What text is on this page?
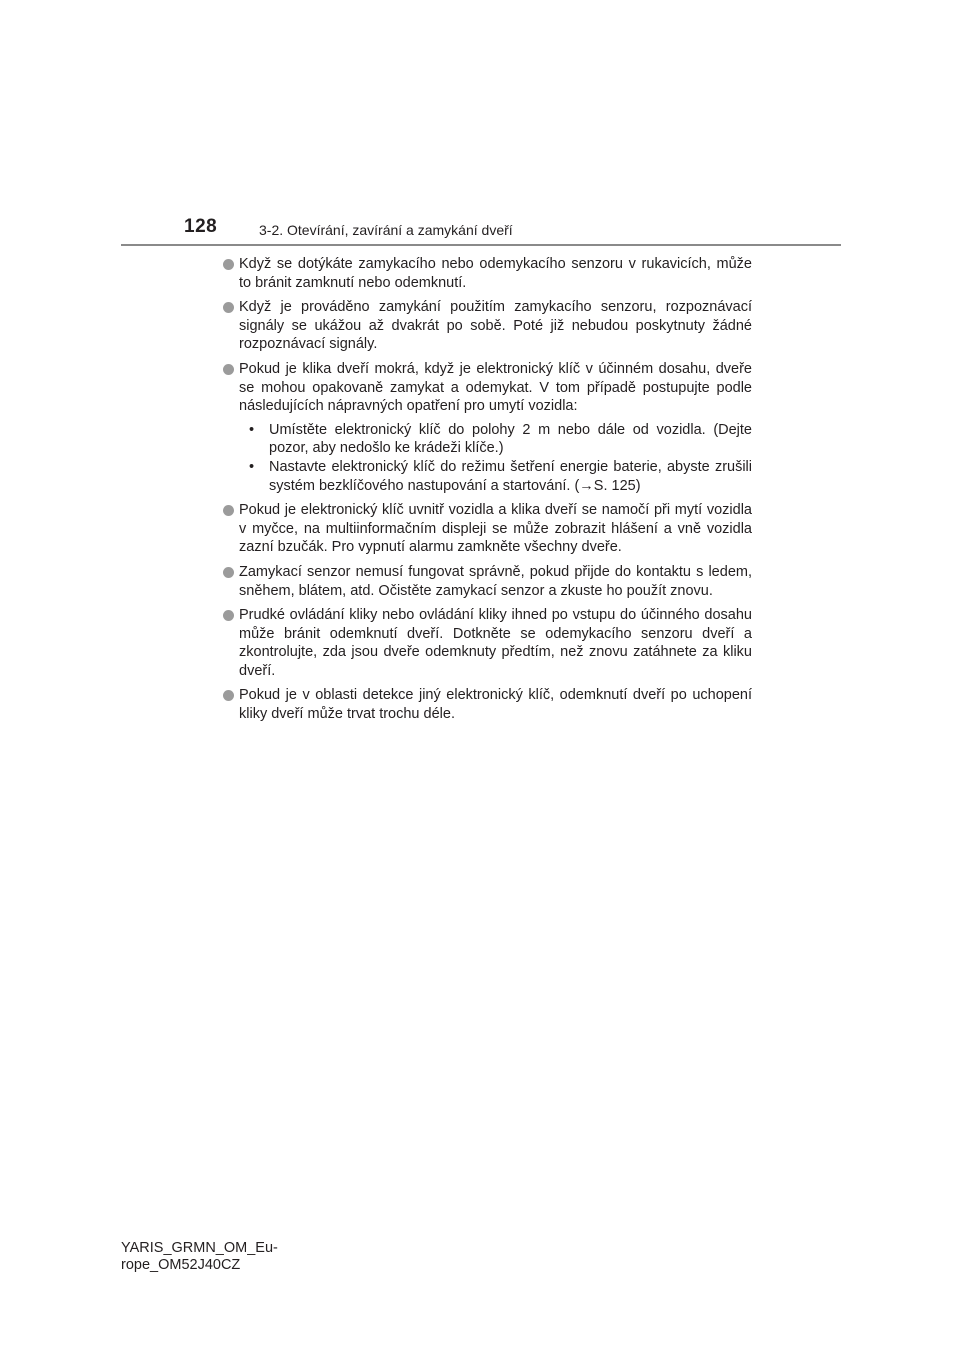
128	3-2. Otevírání, zavírání a zamykání dveří
Když se dotýkáte zamykacího nebo odemykacího senzoru v rukavicích, může to bránit zamknutí nebo odemknutí.
Když je prováděno zamykání použitím zamykacího senzoru, rozpoznávací signály se ukážou až dvakrát po sobě. Poté již nebudou poskytnuty žádné rozpoznávací signály.
Pokud je klika dveří mokrá, když je elektronický klíč v účinném dosahu, dveře se mohou opakovaně zamykat a odemykat. V tom případě postupujte podle následujících nápravných opatření pro umytí vozidla:
• Umístěte elektronický klíč do polohy 2 m nebo dále od vozidla. (Dejte pozor, aby nedošlo ke krádeži klíče.)
• Nastavte elektronický klíč do režimu šetření energie baterie, abyste zrušili systém bezklíčového nastupování a startování. (→S. 125)
Pokud je elektronický klíč uvnitř vozidla a klika dveří se namočí při mytí vozidla v myčce, na multiinformačním displeji se může zobrazit hlášení a vně vozidla zazní bzučák. Pro vypnutí alarmu zamkněte všechny dveře.
Zamykací senzor nemusí fungovat správně, pokud přijde do kontaktu s ledem, sněhem, blátem, atd. Očistěte zamykací senzor a zkuste ho použít znovu.
Prudké ovládání kliky nebo ovládání kliky ihned po vstupu do účinného dosahu může bránit odemknutí dveří. Dotkněte se odemykacího senzoru dveří a zkontrolujte, zda jsou dveře odemknuty předtím, než znovu zatáhnete za kliku dveří.
Pokud je v oblasti detekce jiný elektronický klíč, odemknutí dveří po uchopení kliky dveří může trvat trochu déle.
YARIS_GRMN_OM_Eu-
rope_OM52J40CZ
